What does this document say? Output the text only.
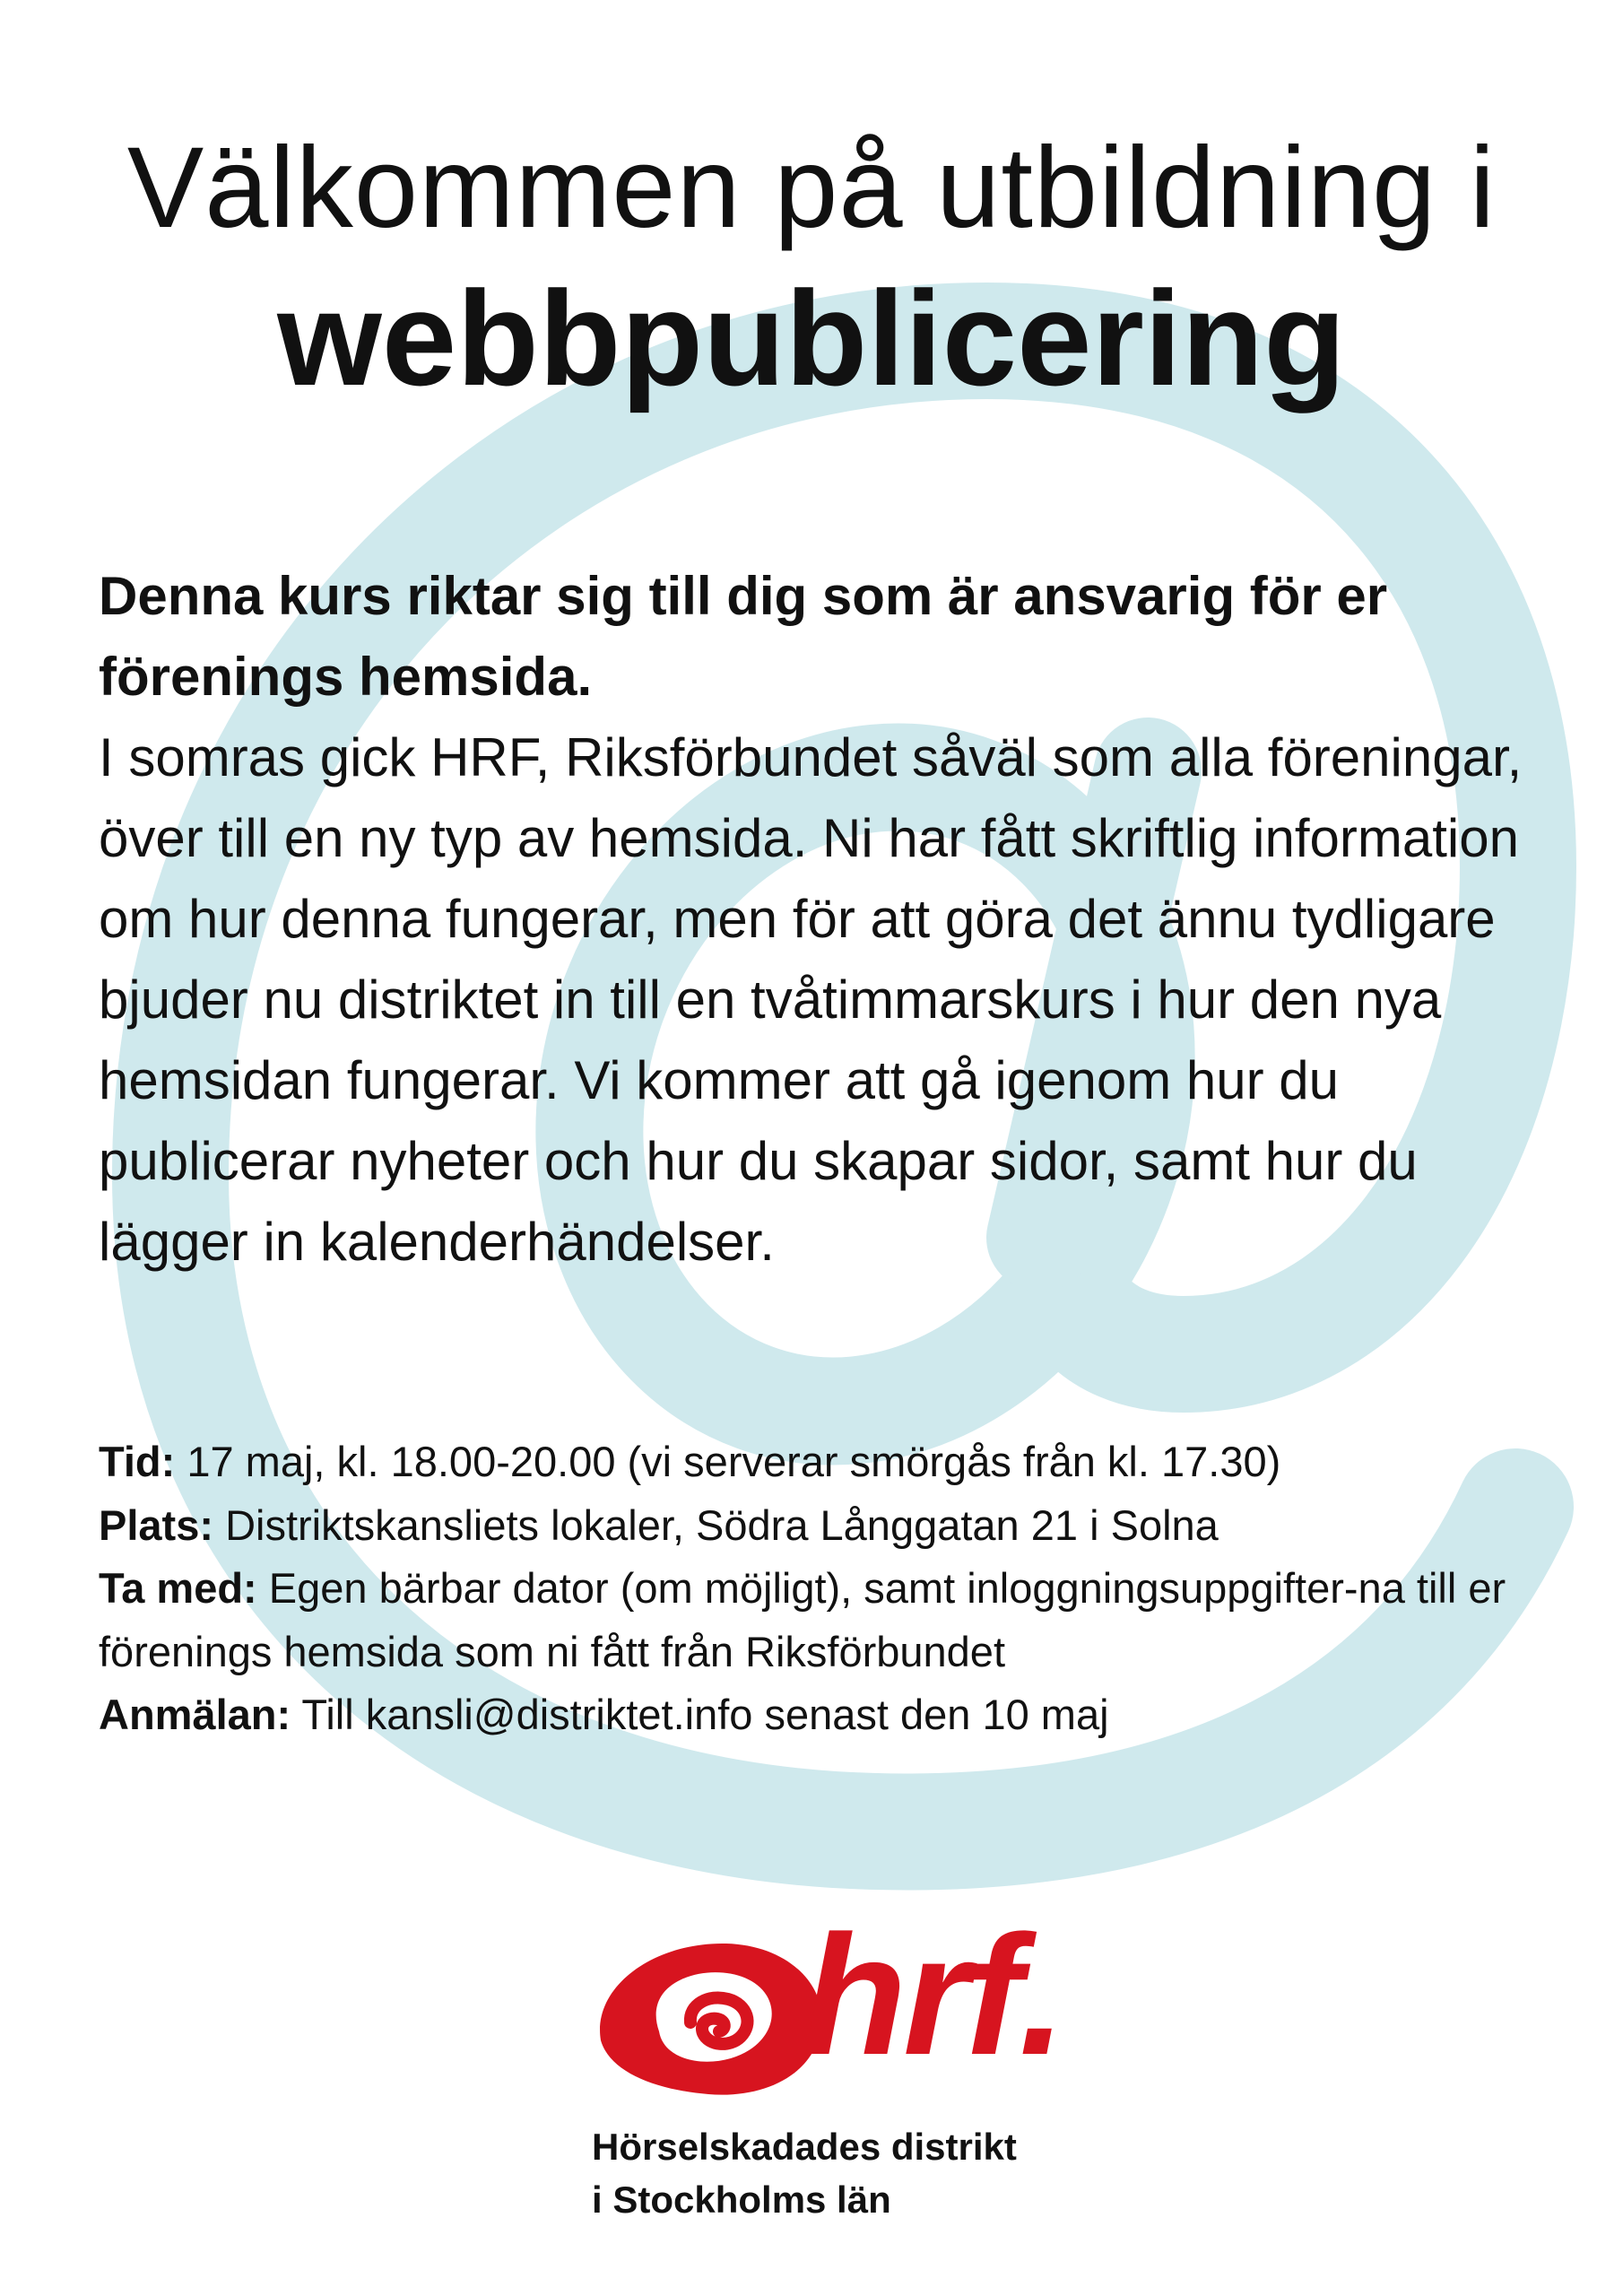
Välkommen på utbildning i
webbpublicering
Denna kurs riktar sig till dig som är ansvarig för er förenings hemsida.
I somras gick HRF, Riksförbundet såväl som alla föreningar, över till en ny typ av hemsida. Ni har fått skriftlig information om hur denna fungerar, men för att göra det ännu tydligare bjuder nu distriktet in till en tvåtimmarskurs i hur den nya hemsidan fungerar. Vi kommer att gå igenom hur du publicerar nyheter och hur du skapar sidor, samt hur du lägger in kalenderhändelser.

Tid: 17 maj, kl. 18.00-20.00 (vi serverar smörgås från kl. 17.30)

Plats: Distriktskansliets lokaler, Södra Långgatan 21 i Solna

Ta med: Egen bärbar dator (om möjligt), samt inloggningsuppgifter-na till er förenings hemsida som ni fått från Riksförbundet

Anmälan: Till kansli@distriktet.info senast den 10 maj

hrf.
Hörselskadades distrikt
i Stockholms län
